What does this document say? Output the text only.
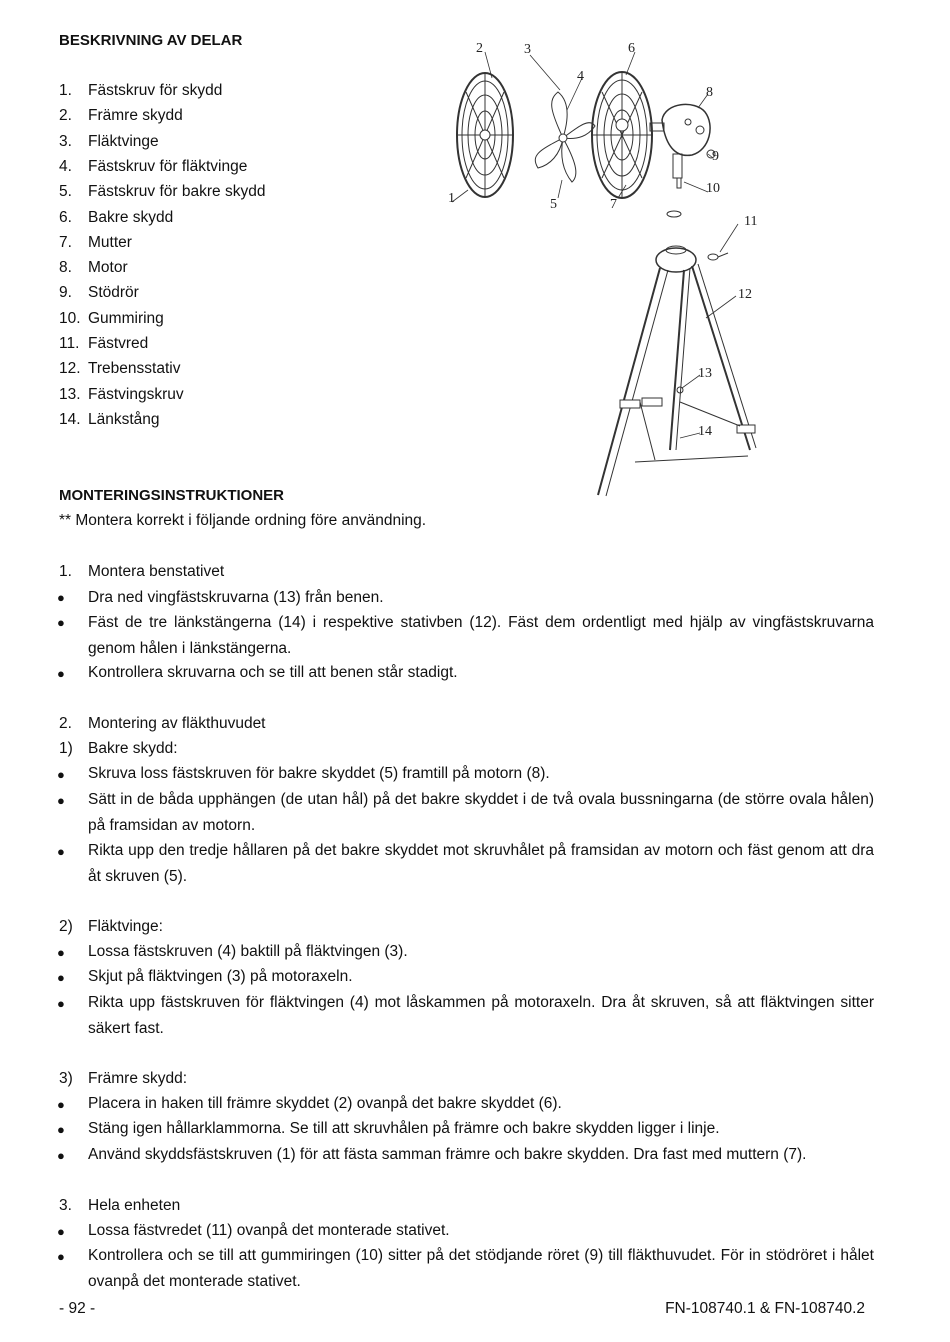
BESKRIVNING AV DELAR
1. Fästskruv för skydd
2. Främre skydd
3. Fläktvinge
4. Fästskruv för fläktvinge
5. Fästskruv för bakre skydd
6. Bakre skydd
7. Mutter
8. Motor
9. Stödrör
10. Gummiring
11. Fästvred
12. Trebensstativ
13. Fästvingskruv
14. Länkstång
1
2	3
4
5
6
7
8
9
10
11
12
13
14
MONTERINGSINSTRUKTIONER
** Montera korrekt i följande ordning före användning.
1. Montera benstativet
● Dra ned vingfästskruvarna (13) från benen.
● Fäst de tre länkstängerna (14) i respektive stativben (12). Fäst dem ordentligt med hjälp av vingfästskruvarna genom hålen i länkstängerna.
● Kontrollera skruvarna och se till att benen står stadigt.
2. Montering av fläkthuvudet
1) Bakre skydd:
● Skruva loss fästskruven för bakre skyddet (5) framtill på motorn (8).
● Sätt in de båda upphängen (de utan hål) på det bakre skyddet i de två ovala bussningarna (de större ovala hålen) på framsidan av motorn.
● Rikta upp den tredje hållaren på det bakre skyddet mot skruvhålet på framsidan av motorn och fäst genom att dra åt skruven (5).
2) Fläktvinge:
● Lossa fästskruven (4) baktill på fläktvingen (3).
● Skjut på fläktvingen (3) på motoraxeln.
● Rikta upp fästskruven för fläktvingen (4) mot låskammen på motoraxeln. Dra åt skruven, så att fläktvingen sitter säkert fast.
3) Främre skydd:
● Placera in haken till främre skyddet (2) ovanpå det bakre skyddet (6).
● Stäng igen hållarklammorna. Se till att skruvhålen på främre och bakre skydden ligger i linje.
● Använd skyddsfästskruven (1) för att fästa samman främre och bakre skydden. Dra fast med muttern (7).
3. Hela enheten
● Lossa fästvredet (11) ovanpå det monterade stativet.
● Kontrollera och se till att gummiringen (10) sitter på det stödjande röret (9) till fläkthuvudet. För in stödröret i hålet ovanpå det monterade stativet.
- 92 -	FN-108740.1 & FN-108740.2
